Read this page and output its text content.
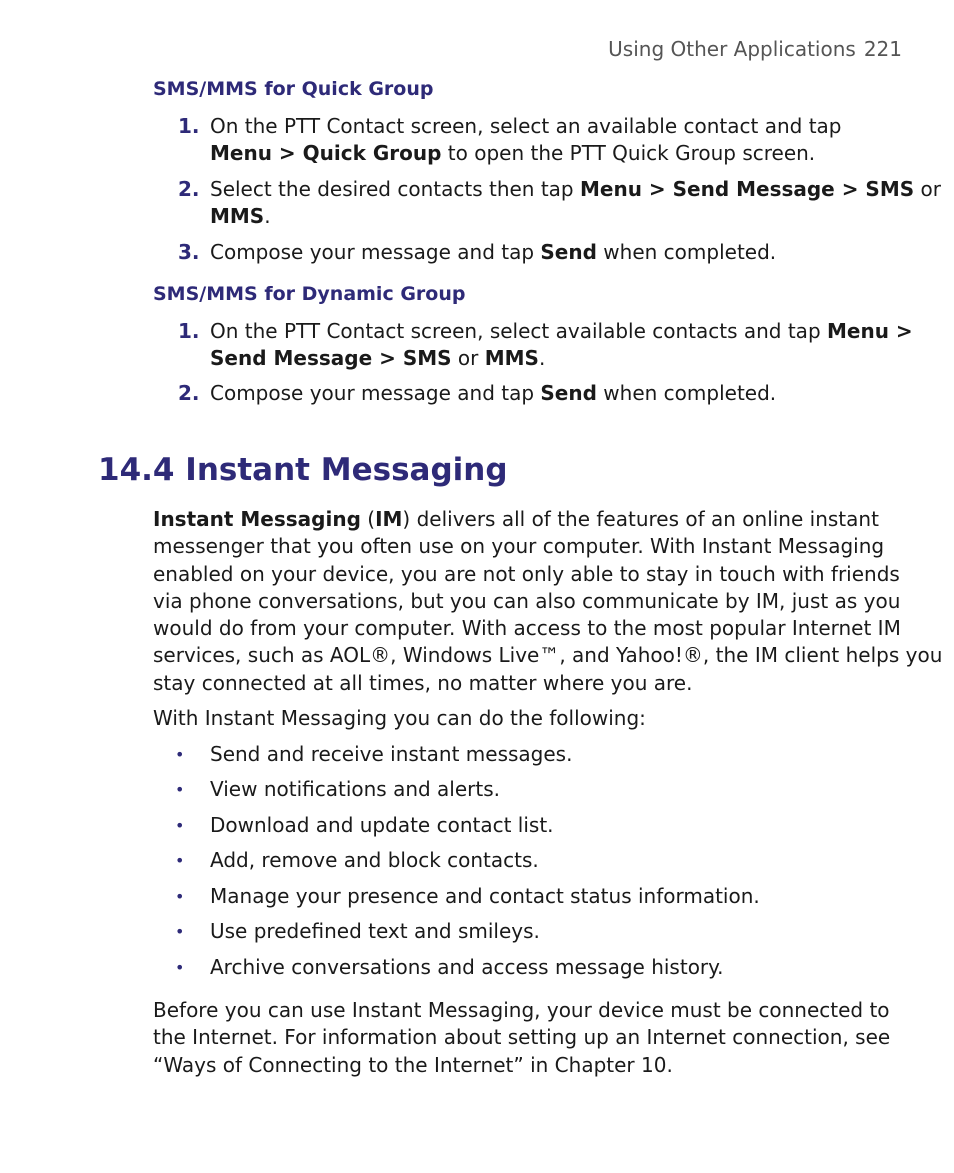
Using Other Applications 221
SMS/MMS for Quick Group
1. On the PTT Contact screen, select an available contact and tap
Menu > Quick Group to open the PTT Quick Group screen.
2. Select the desired contacts then tap Menu > Send Message > SMS or
MMS.
3. Compose your message and tap Send when completed.
SMS/MMS for Dynamic Group
1. On the PTT Contact screen, select available contacts and tap Menu >
Send Message > SMS or MMS.
2. Compose your message and tap Send when completed.
14.4 Instant Messaging
Instant Messaging (IM) delivers all of the features of an online instant
messenger that you often use on your computer. With Instant Messaging
enabled on your device, you are not only able to stay in touch with friends
via phone conversations, but you can also communicate by IM, just as you
would do from your computer. With access to the most popular Internet IM
services, such as AOL®, Windows Live™, and Yahoo!®, the IM client helps you
stay connected at all times, no matter where you are.
With Instant Messaging you can do the following:
• Send and receive instant messages.
• View notifications and alerts.
• Download and update contact list.
• Add, remove and block contacts.
• Manage your presence and contact status information.
• Use predefined text and smileys.
• Archive conversations and access message history.
Before you can use Instant Messaging, your device must be connected to
the Internet. For information about setting up an Internet connection, see
“Ways of Connecting to the Internet” in Chapter 10.
